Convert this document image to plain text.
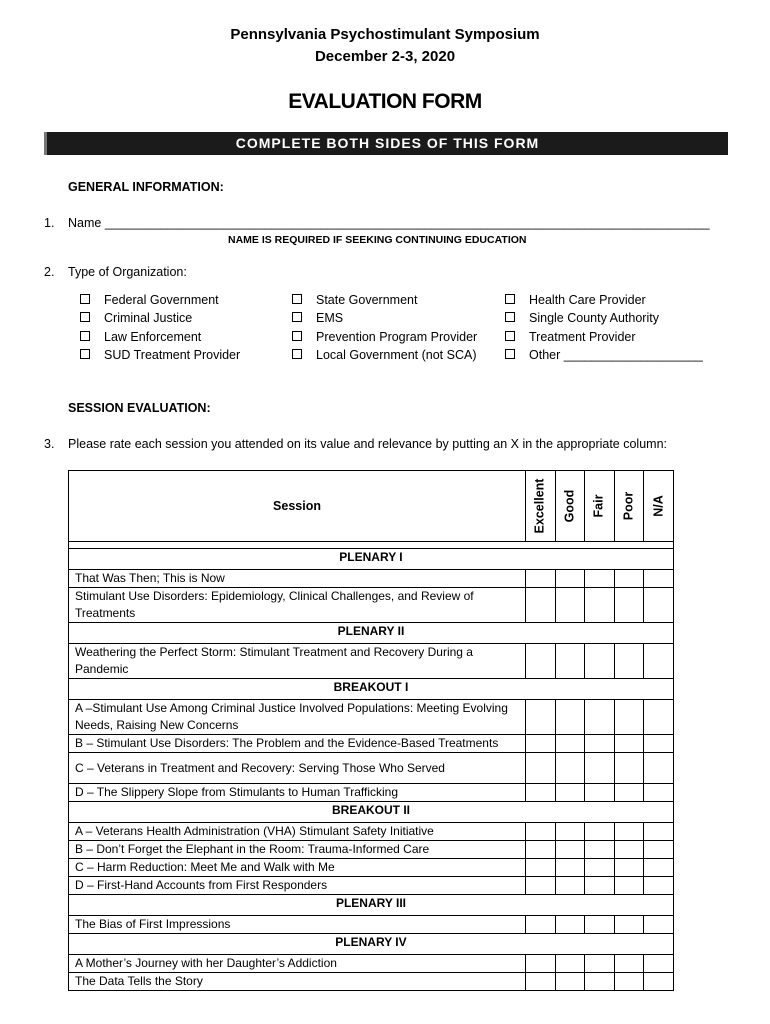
Pennsylvania Psychostimulant Symposium
December 2-3, 2020
EVALUATION FORM
COMPLETE BOTH SIDES OF THIS FORM
GENERAL INFORMATION:
1. Name _______________________________________________________________________________________
NAME IS REQUIRED IF SEEKING CONTINUING EDUCATION
2. Type of Organization:
Federal Government
Criminal Justice
Law Enforcement
SUD Treatment Provider
State Government
EMS
Prevention Program Provider
Local Government (not SCA)
Health Care Provider
Single County Authority
Treatment Provider
Other ____________________
SESSION EVALUATION:
3. Please rate each session you attended on its value and relevance by putting an X in the appropriate column:
Session	Excellent	Good	Fair	Poor	N/A

PLENARY I					
That Was Then; This is Now					
Stimulant Use Disorders: Epidemiology, Clinical Challenges, and Review of Treatments					
PLENARY II					
Weathering the Perfect Storm: Stimulant Treatment and Recovery During a Pandemic					
BREAKOUT I					
A –Stimulant Use Among Criminal Justice Involved Populations: Meeting Evolving Needs, Raising New Concerns					
B – Stimulant Use Disorders: The Problem and the Evidence-Based Treatments					
C – Veterans in Treatment and Recovery: Serving Those Who Served					
D – The Slippery Slope from Stimulants to Human Trafficking					
BREAKOUT II					
A – Veterans Health Administration (VHA) Stimulant Safety Initiative					
B – Don’t Forget the Elephant in the Room: Trauma-Informed Care					
C – Harm Reduction: Meet Me and Walk with Me					
D – First-Hand Accounts from First Responders					
PLENARY III					
The Bias of First Impressions					
PLENARY IV					
A Mother’s Journey with her Daughter’s Addiction					
The Data Tells the Story					
